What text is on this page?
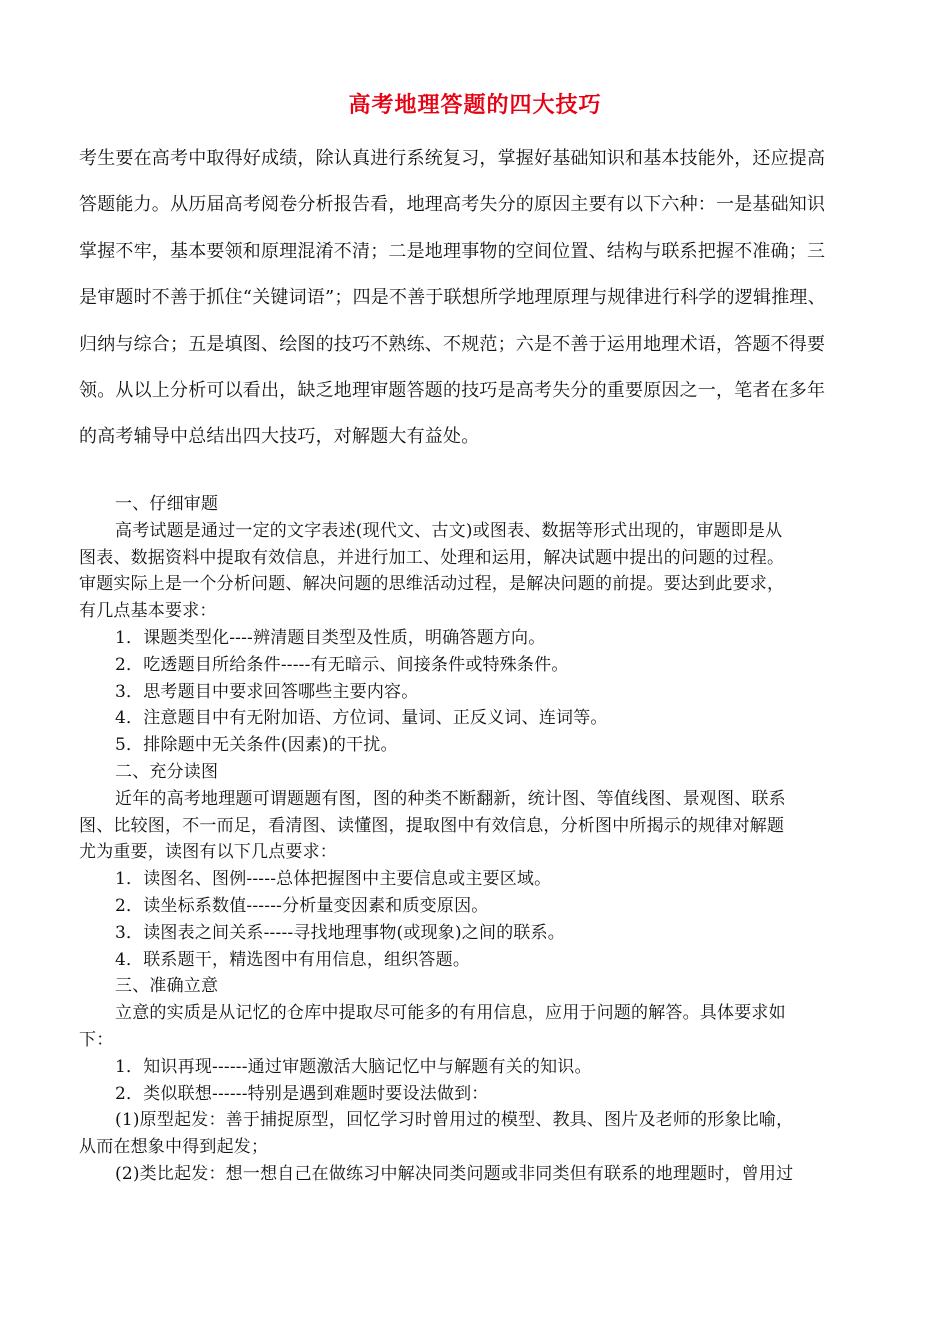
高考地理答题的四大技巧

考生要在高考中取得好成绩，除认真进行系统复习，掌握好基础知识和基本技能外，还应提高

答题能力。从历届高考阅卷分析报告看，地理高考失分的原因主要有以下六种：一是基础知识

掌握不牢，基本要领和原理混淆不清；二是地理事物的空间位置、结构与联系把握不准确；三

是审题时不善于抓住“关键词语”；四是不善于联想所学地理原理与规律进行科学的逻辑推理、

归纳与综合；五是填图、绘图的技巧不熟练、不规范；六是不善于运用地理术语，答题不得要

领。从以上分析可以看出，缺乏地理审题答题的技巧是高考失分的重要原因之一，笔者在多年

的高考辅导中总结出四大技巧，对解题大有益处。

一、仔细审题
高考试题是通过一定的文字表述(现代文、古文)或图表、数据等形式出现的，审题即是从
图表、数据资料中提取有效信息，并进行加工、处理和运用，解决试题中提出的问题的过程。
审题实际上是一个分析问题、解决问题的思维活动过程，是解决问题的前提。要达到此要求，
有几点基本要求：
1．课题类型化----辨清题目类型及性质，明确答题方向。
2．吃透题目所给条件-----有无暗示、间接条件或特殊条件。
3．思考题目中要求回答哪些主要内容。
4．注意题目中有无附加语、方位词、量词、正反义词、连词等。
5．排除题中无关条件(因素)的干扰。
二、充分读图
近年的高考地理题可谓题题有图，图的种类不断翻新，统计图、等值线图、景观图、联系
图、比较图，不一而足，看清图、读懂图，提取图中有效信息，分析图中所揭示的规律对解题
尤为重要，读图有以下几点要求：
1．读图名、图例-----总体把握图中主要信息或主要区域。
2．读坐标系数值------分析量变因素和质变原因。
3．读图表之间关系-----寻找地理事物(或现象)之间的联系。
4．联系题干，精选图中有用信息，组织答题。
三、准确立意
立意的实质是从记忆的仓库中提取尽可能多的有用信息，应用于问题的解答。具体要求如
下：
1．知识再现------通过审题激活大脑记忆中与解题有关的知识。
2．类似联想------特别是遇到难题时要设法做到：
(1)原型起发：善于捕捉原型，回忆学习时曾用过的模型、教具、图片及老师的形象比喻，
从而在想象中得到起发；
(2)类比起发：想一想自己在做练习中解决同类问题或非同类但有联系的地理题时，曾用过
